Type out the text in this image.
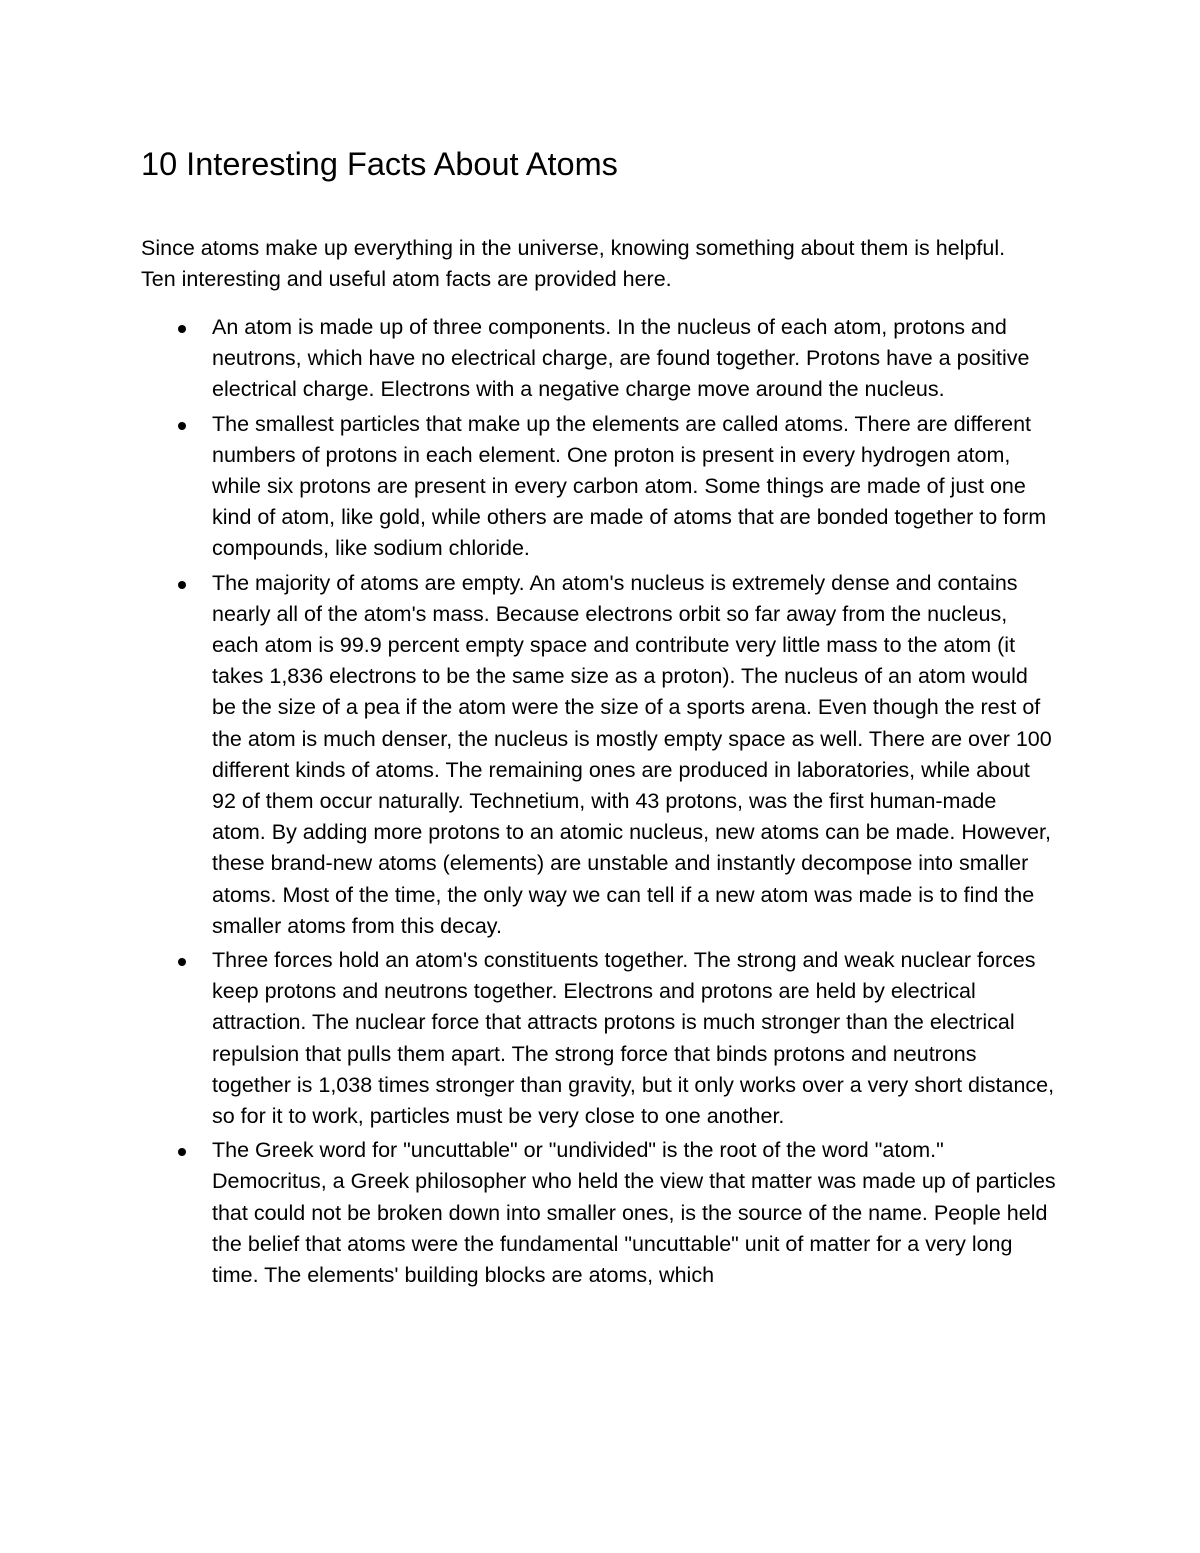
10 Interesting Facts About Atoms

Since atoms make up everything in the universe, knowing something about them is helpful. Ten interesting and useful atom facts are provided here.

An atom is made up of three components. In the nucleus of each atom, protons and neutrons, which have no electrical charge, are found together. Protons have a positive electrical charge. Electrons with a negative charge move around the nucleus.
The smallest particles that make up the elements are called atoms. There are different numbers of protons in each element. One proton is present in every hydrogen atom, while six protons are present in every carbon atom. Some things are made of just one kind of atom, like gold, while others are made of atoms that are bonded together to form compounds, like sodium chloride.
The majority of atoms are empty. An atom's nucleus is extremely dense and contains nearly all of the atom's mass. Because electrons orbit so far away from the nucleus, each atom is 99.9 percent empty space and contribute very little mass to the atom (it takes 1,836 electrons to be the same size as a proton). The nucleus of an atom would be the size of a pea if the atom were the size of a sports arena. Even though the rest of the atom is much denser, the nucleus is mostly empty space as well. There are over 100 different kinds of atoms. The remaining ones are produced in laboratories, while about 92 of them occur naturally. Technetium, with 43 protons, was the first human-made atom. By adding more protons to an atomic nucleus, new atoms can be made. However, these brand-new atoms (elements) are unstable and instantly decompose into smaller atoms. Most of the time, the only way we can tell if a new atom was made is to find the smaller atoms from this decay.
Three forces hold an atom's constituents together. The strong and weak nuclear forces keep protons and neutrons together. Electrons and protons are held by electrical attraction. The nuclear force that attracts protons is much stronger than the electrical repulsion that pulls them apart. The strong force that binds protons and neutrons together is 1,038 times stronger than gravity, but it only works over a very short distance, so for it to work, particles must be very close to one another.
The Greek word for "uncuttable" or "undivided" is the root of the word "atom." Democritus, a Greek philosopher who held the view that matter was made up of particles that could not be broken down into smaller ones, is the source of the name. People held the belief that atoms were the fundamental "uncuttable" unit of matter for a very long time. The elements' building blocks are atoms, which
